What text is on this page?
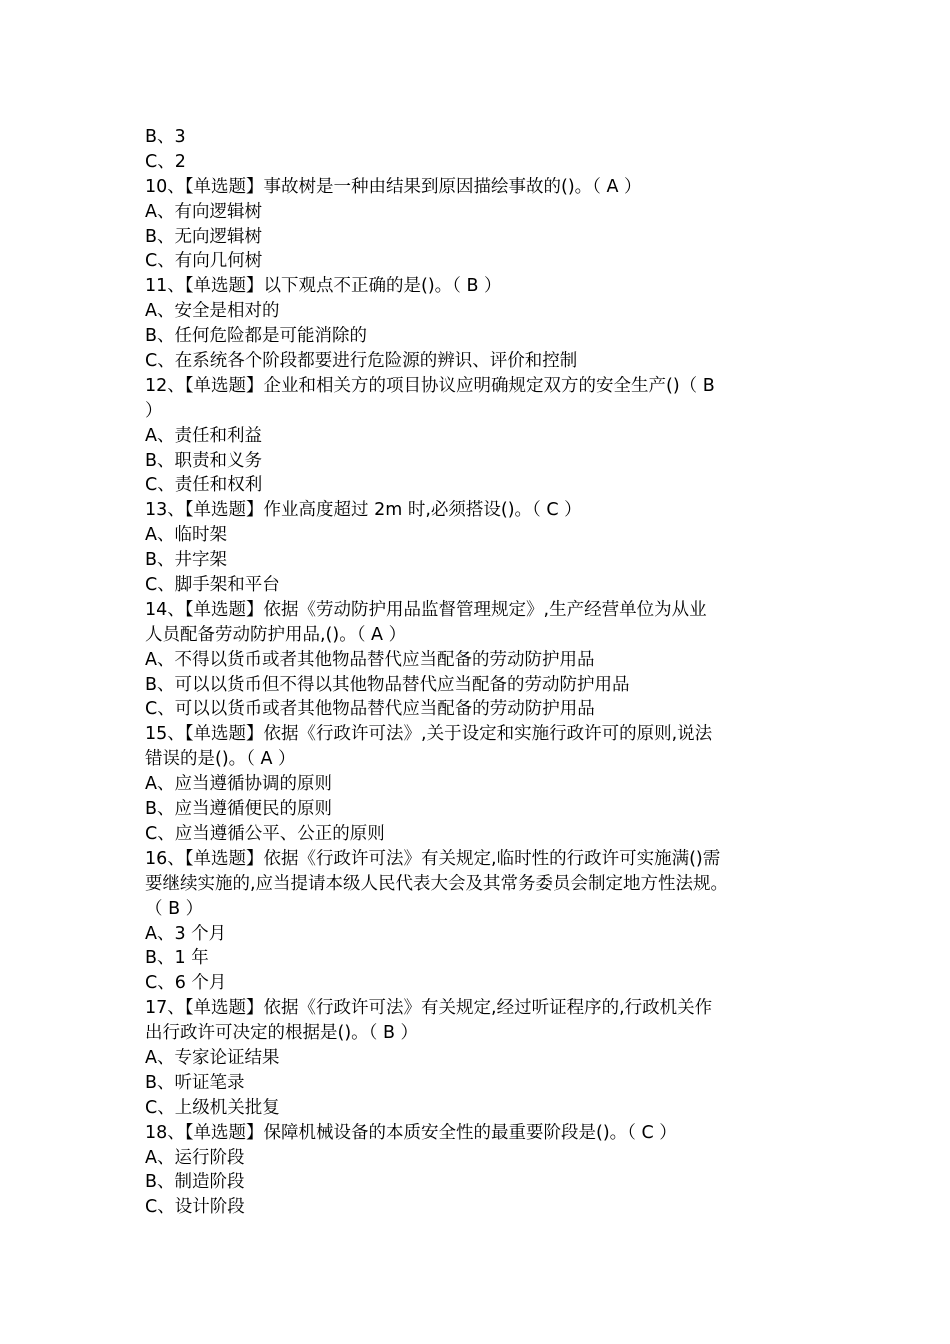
B、3
C、2
10、【单选题】事故树是一种由结果到原因描绘事故的()。（ A ）
A、有向逻辑树
B、无向逻辑树
C、有向几何树
11、【单选题】以下观点不正确的是()。（ B ）
A、安全是相对的
B、任何危险都是可能消除的
C、在系统各个阶段都要进行危险源的辨识、评价和控制
12、【单选题】企业和相关方的项目协议应明确规定双方的安全生产()（ B
）
A、责任和利益
B、职责和义务
C、责任和权利
13、【单选题】作业高度超过 2m 时,必须搭设()。（ C ）
A、临时架
B、井字架
C、脚手架和平台
14、【单选题】依据《劳动防护用品监督管理规定》,生产经营单位为从业
人员配备劳动防护用品,()。（ A ）
A、不得以货币或者其他物品替代应当配备的劳动防护用品
B、可以以货币但不得以其他物品替代应当配备的劳动防护用品
C、可以以货币或者其他物品替代应当配备的劳动防护用品
15、【单选题】依据《行政许可法》,关于设定和实施行政许可的原则,说法
错误的是()。（ A ）
A、应当遵循协调的原则
B、应当遵循便民的原则
C、应当遵循公平、公正的原则
16、【单选题】依据《行政许可法》有关规定,临时性的行政许可实施满()需
要继续实施的,应当提请本级人民代表大会及其常务委员会制定地方性法规。
（ B ）
A、3 个月
B、1 年
C、6 个月
17、【单选题】依据《行政许可法》有关规定,经过听证程序的,行政机关作
出行政许可决定的根据是()。（ B ）
A、专家论证结果
B、听证笔录
C、上级机关批复
18、【单选题】保障机械设备的本质安全性的最重要阶段是()。（ C ）
A、运行阶段
B、制造阶段
C、设计阶段
